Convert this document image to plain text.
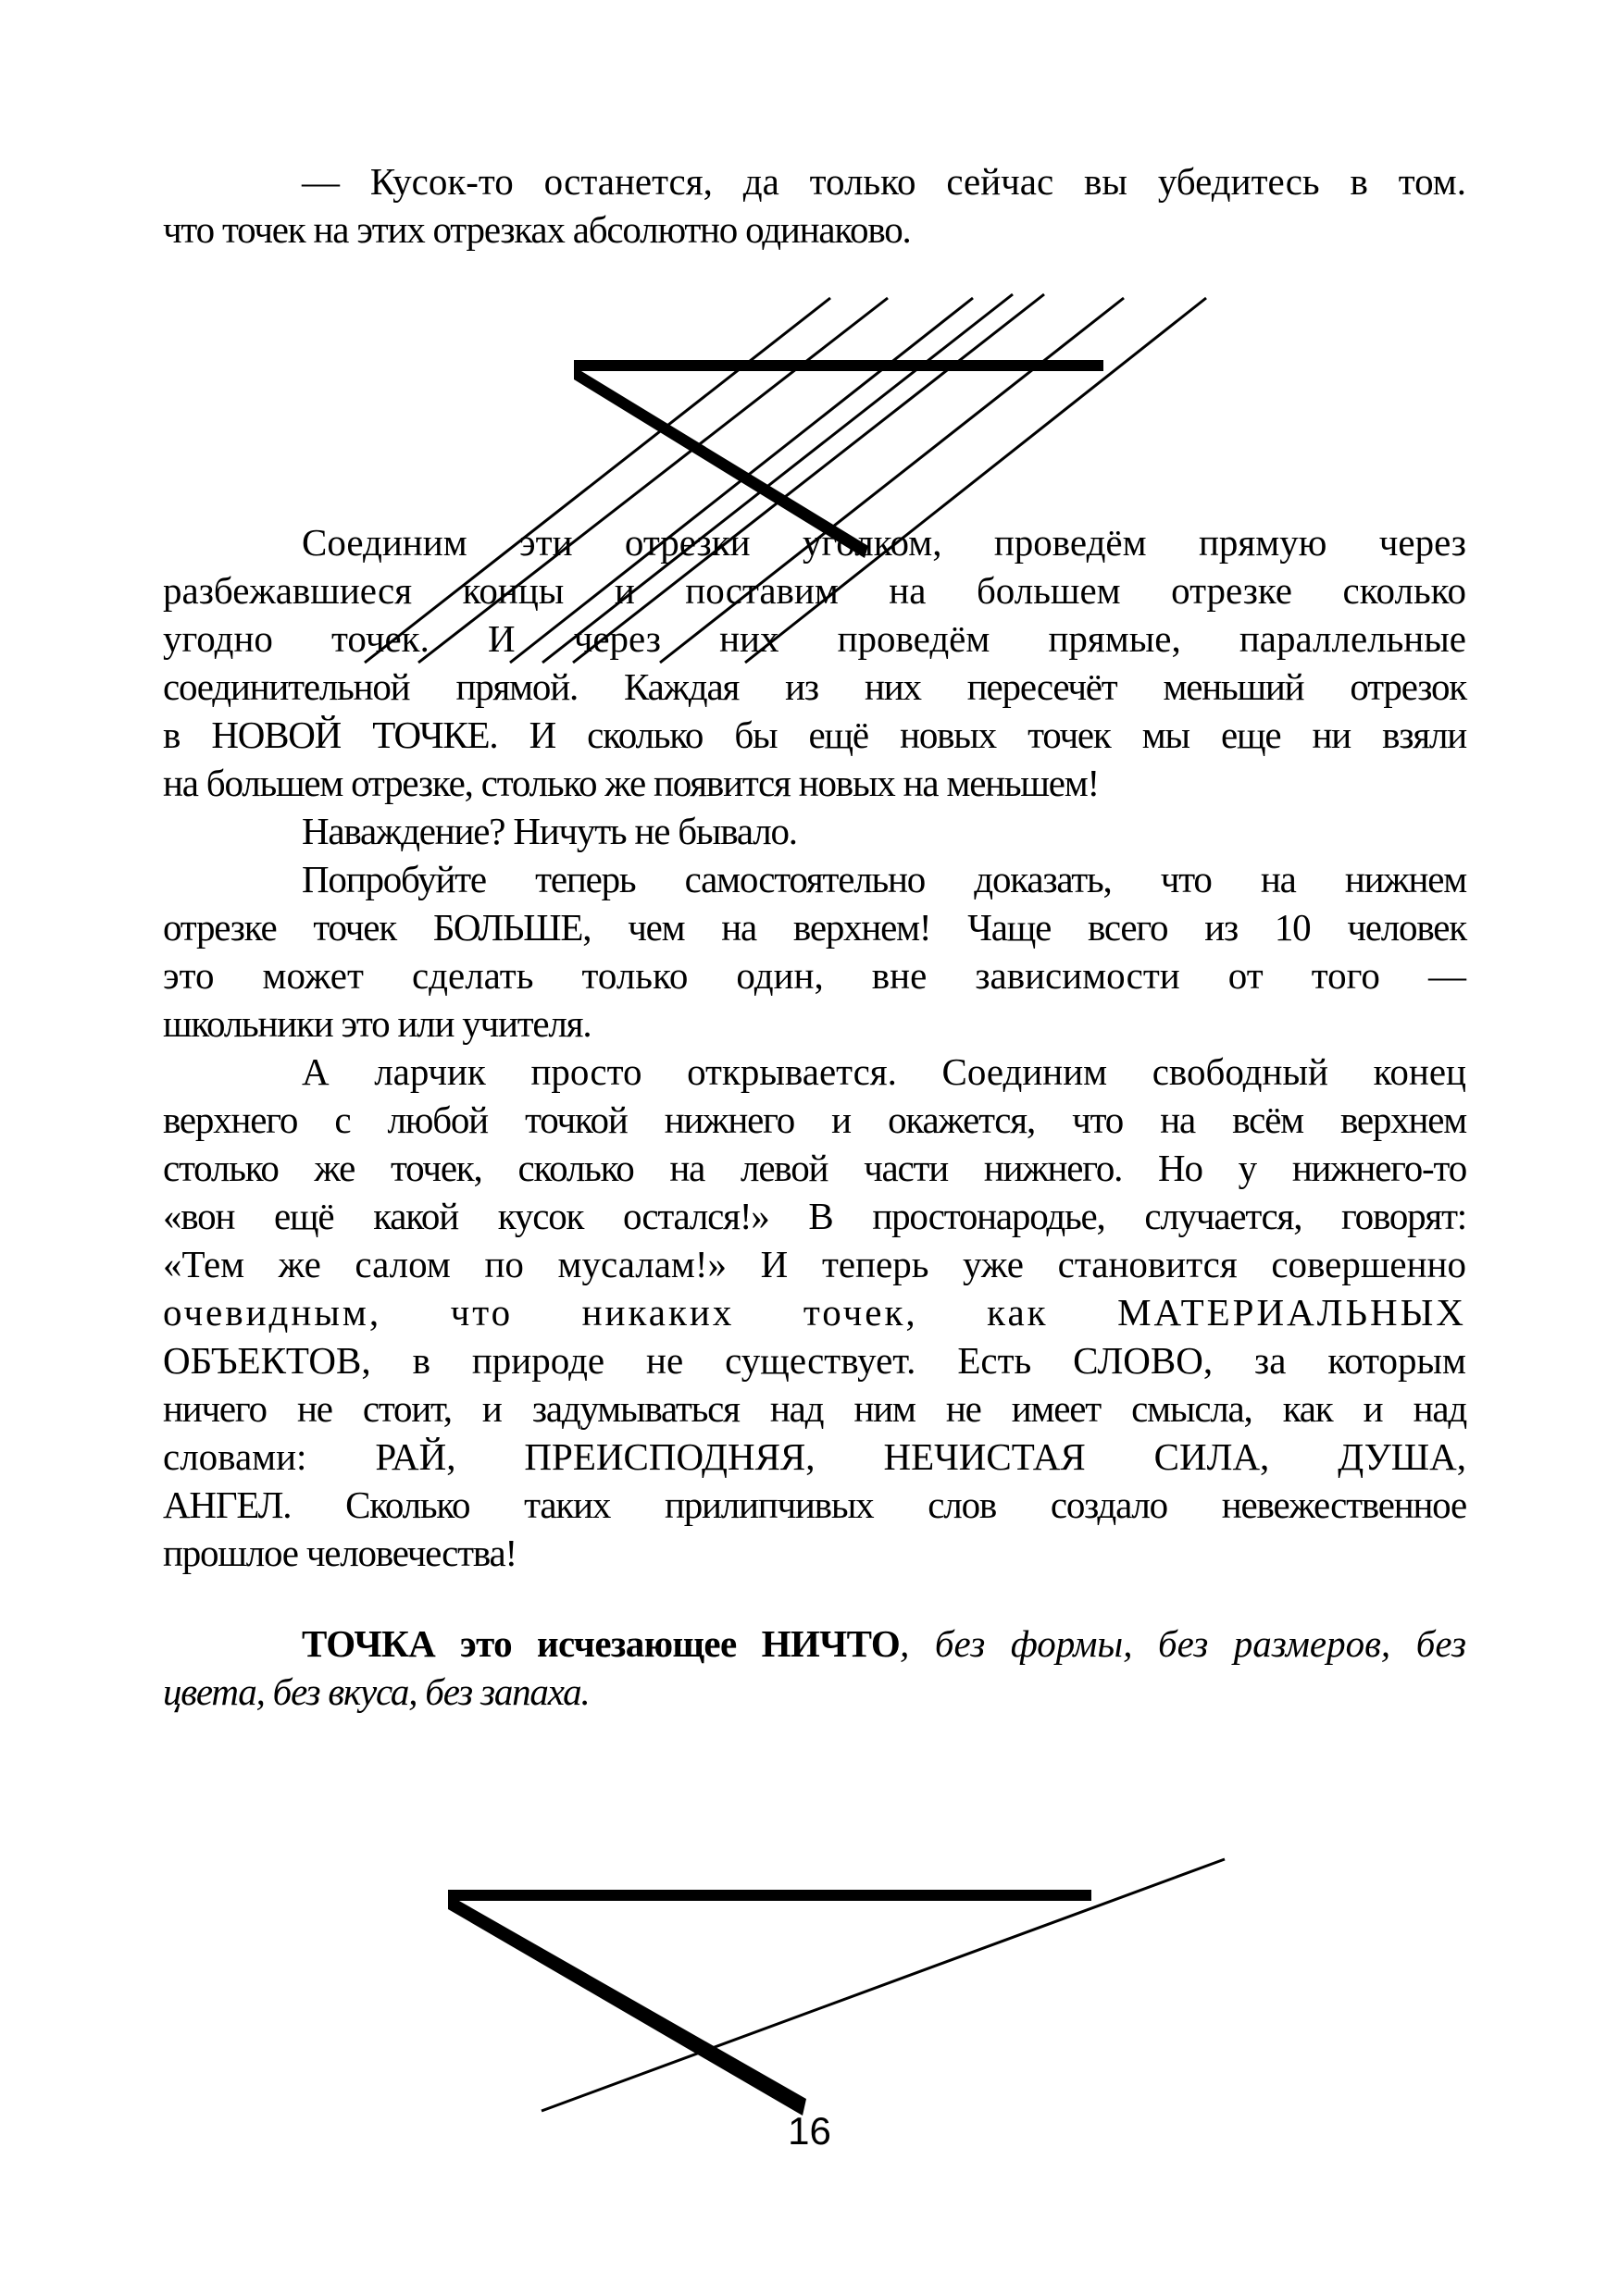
— Кусок-то останется, да только сейчас вы убедитесь в том.
что точек на этих отрезках абсолютно одинаково.
Соединим эти отрезки уголком, проведём прямую через
разбежавшиеся концы и поставим на большем отрезке сколько
угодно точек. И через них проведём прямые, параллельные
соединительной прямой. Каждая из них пересечёт меньший отрезок
в НОВОЙ ТОЧКЕ. И сколько бы ещё новых точек мы еще ни взяли
на большем отрезке, столько же появится новых на меньшем!
Наваждение? Ничуть не бывало.
Попробуйте теперь самостоятельно доказать, что на нижнем
отрезке точек БОЛЬШЕ, чем на верхнем! Чаще всего из 10 человек
это может сделать только один, вне зависимости от того —
школьники это или учителя.
А ларчик просто открывается. Соединим свободный конец
верхнего с любой точкой нижнего и окажется, что на всём верхнем
столько же точек, сколько на левой части нижнего. Но у нижнего-то
«вон ещё какой кусок остался!» В простонародье, случается, говорят:
«Тем же салом по мусалам!» И теперь уже становится совершенно
очевидным, что никаких точек, как МАТЕРИАЛЬНЫХ
ОБЪЕКТОВ, в природе не существует. Есть СЛОВО, за которым
ничего не стоит, и задумываться над ним не имеет смысла, как и над
словами: РАЙ, ПРЕИСПОДНЯЯ, НЕЧИСТАЯ СИЛА, ДУША,
АНГЕЛ. Сколько таких прилипчивых слов создало невежественное
прошлое человечества!
ТОЧКА это исчезающее НИЧТО, без формы, без размеров, без
цвета, без вкуса, без запаха.
16
